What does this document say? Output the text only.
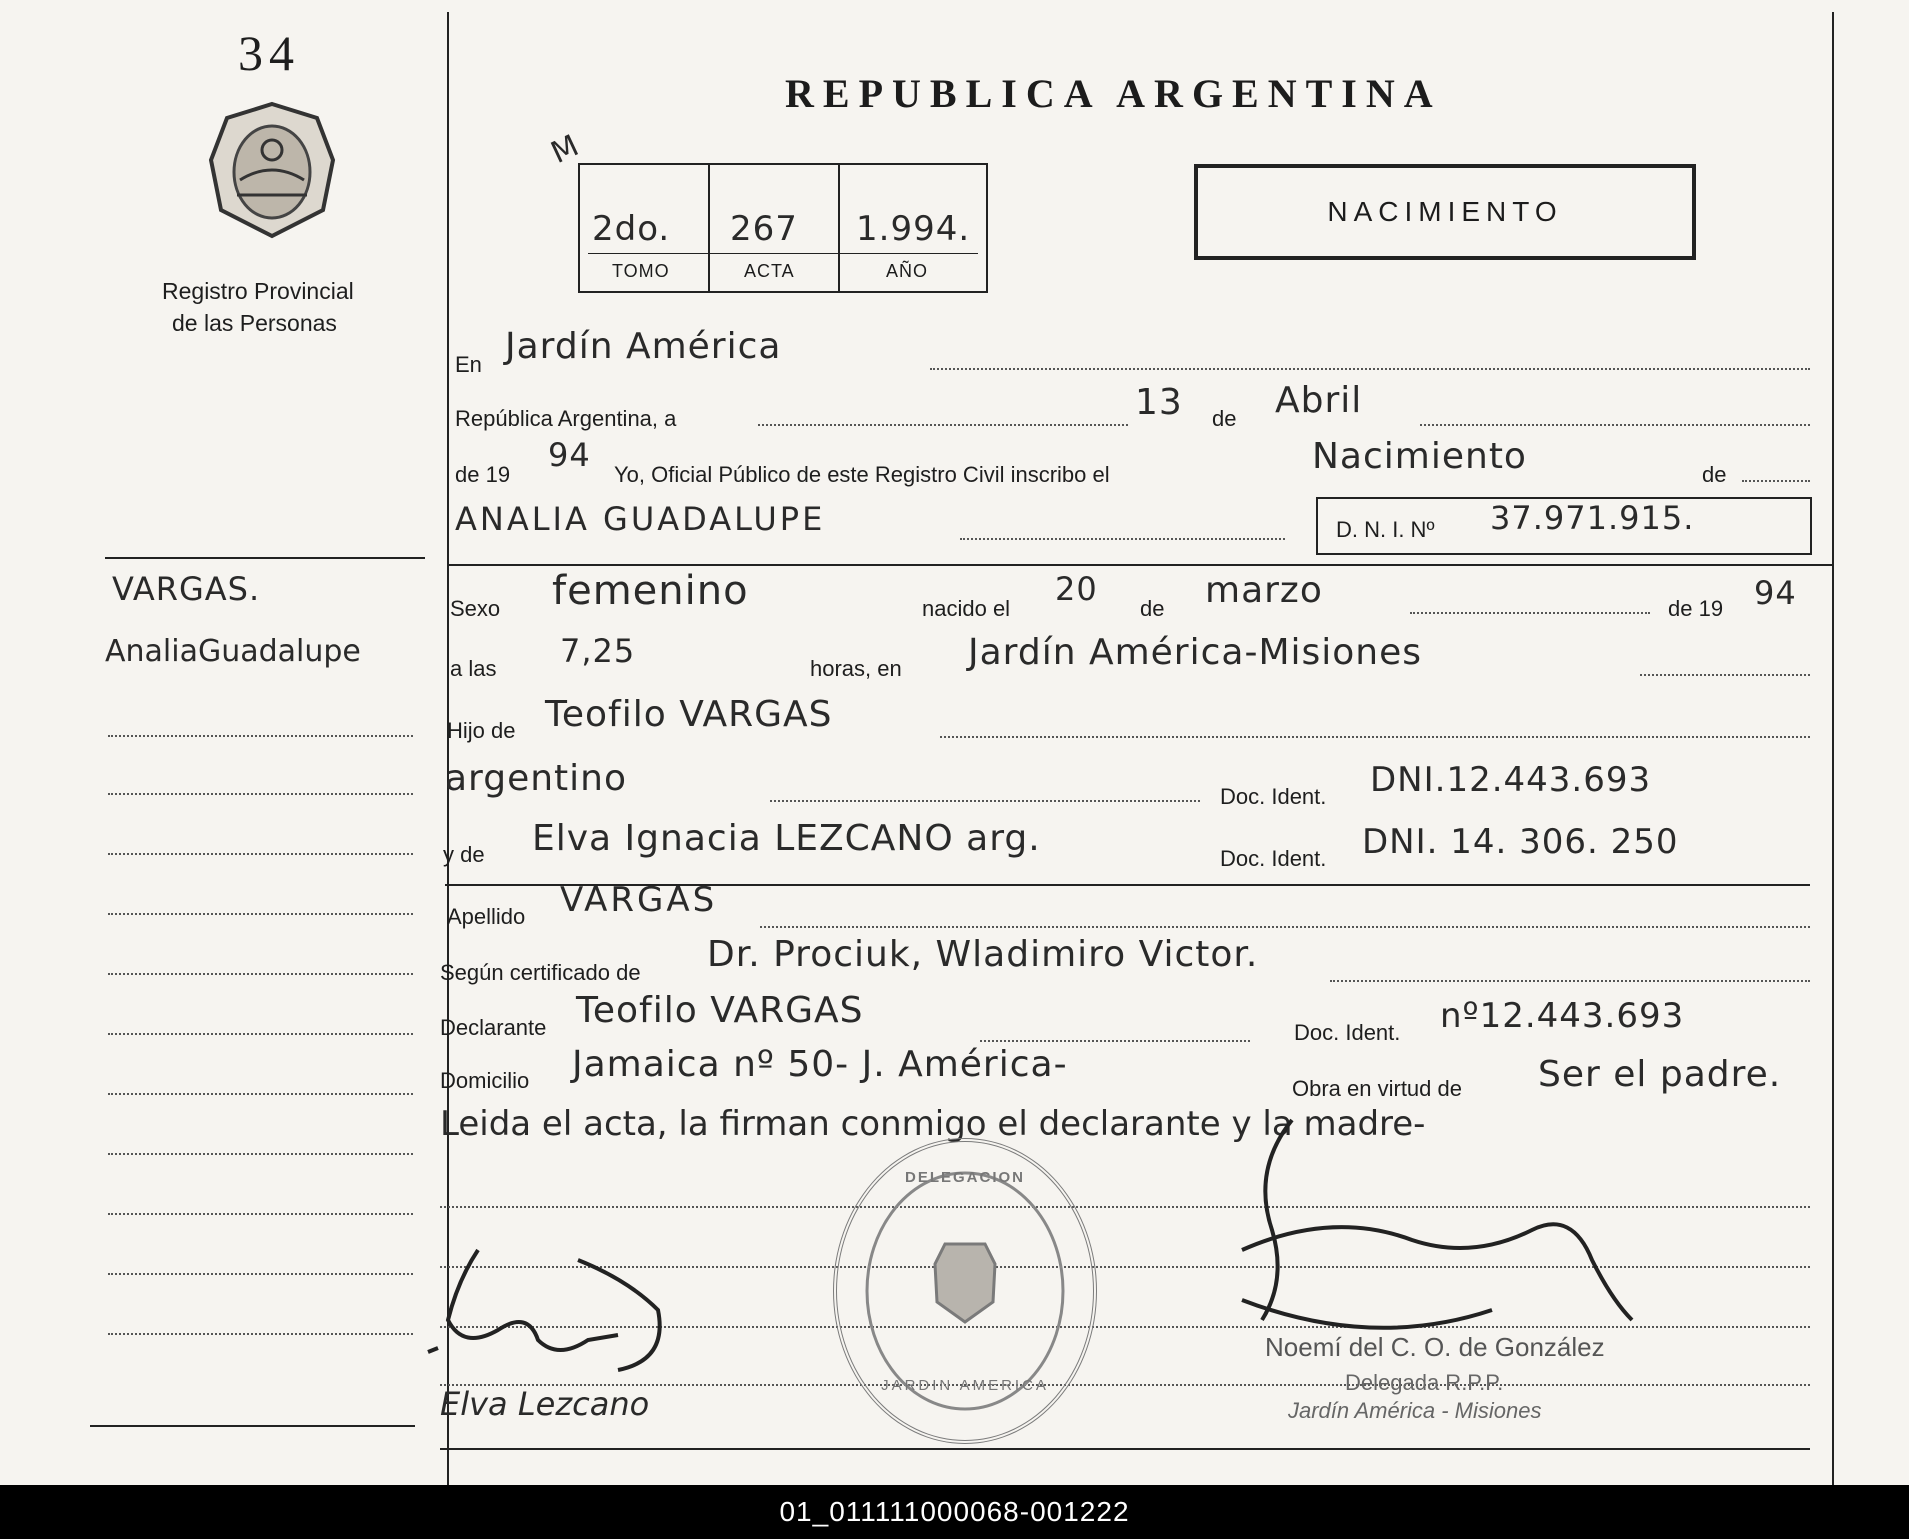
34
Registro Provincial
de las Personas
VARGAS.
AnaliaGuadalupe
REPUBLICA ARGENTINA
M
2do. 267 1.994.
TOMO	ACTA	AÑO
NACIMIENTO
En Jardín América
República Argentina, a	13 de Abril
de 19
94
Yo, Oficial Público de este Registro Civil inscribo el	Nacimiento	de
ANALIA GUADALUPE	D. N. I. Nº 37.971.915.
Sexo femenino	nacido el
20
de marzo	de 19 94
a las 7,25	horas, en Jardín América-Misiones
Hijo de Teofilo VARGAS
argentino	Doc. Ident. DNI.12.443.693
y de Elva Ignacia LEZCANO arg.	Doc. Ident. DNI. 14. 306. 250
Apellido VARGAS
Según certificado de Dr. Prociuk, Wladimiro Victor.
Declarante Teofilo VARGAS
Doc. Ident. nº12.443.693
Domicilio Jamaica nº 50- J. América-
Obra en virtud de Ser el padre.
Leida el acta, la firman conmigo el declarante y la madre-
DELEGACION
JARDIN AMERICA
Elva Lezcano
Noemí del C. O. de González
Delegada R.P.P.
Jardín América - Misiones
01_011111000068-001222
